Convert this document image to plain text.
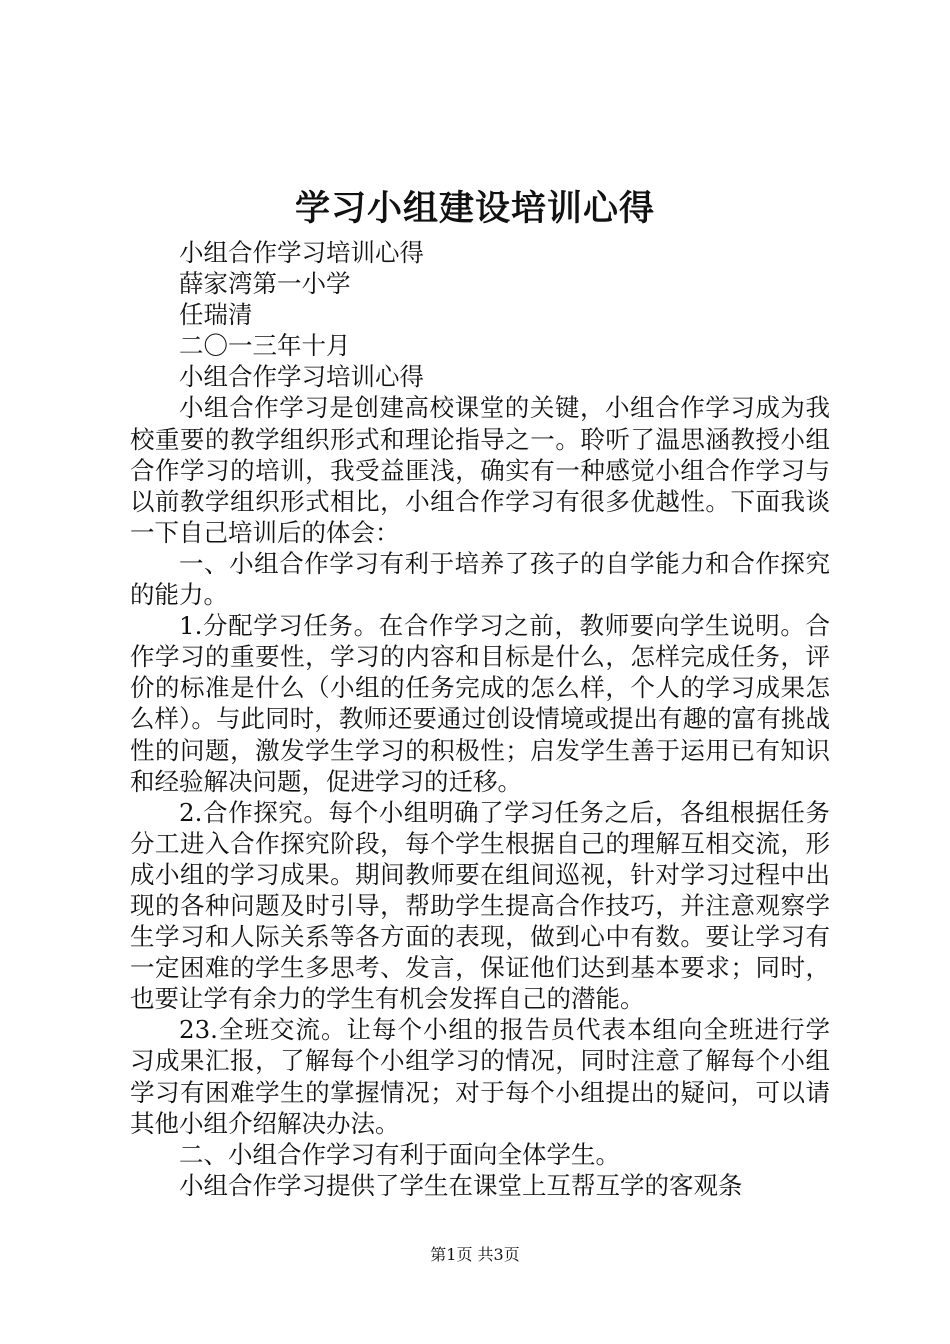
学习小组建设培训心得

小组合作学习培训心得

薛家湾第一小学

任瑞清

二〇一三年十月

小组合作学习培训心得

小组合作学习是创建高校课堂的关键，小组合作学习成为我校重要的教学组织形式和理论指导之一。聆听了温思涵教授小组合作学习的培训，我受益匪浅，确实有一种感觉小组合作学习与以前教学组织形式相比，小组合作学习有很多优越性。下面我谈一下自己培训后的体会：

一、小组合作学习有利于培养了孩子的自学能力和合作探究的能力。

1.分配学习任务。在合作学习之前，教师要向学生说明。合作学习的重要性，学习的内容和目标是什么，怎样完成任务，评价的标准是什么（小组的任务完成的怎么样，个人的学习成果怎么样）。与此同时，教师还要通过创设情境或提出有趣的富有挑战性的问题，激发学生学习的积极性；启发学生善于运用已有知识和经验解决问题，促进学习的迁移。

2.合作探究。每个小组明确了学习任务之后，各组根据任务分工进入合作探究阶段，每个学生根据自己的理解互相交流，形成小组的学习成果。期间教师要在组间巡视，针对学习过程中出现的各种问题及时引导，帮助学生提高合作技巧，并注意观察学生学习和人际关系等各方面的表现，做到心中有数。要让学习有一定困难的学生多思考、发言，保证他们达到基本要求；同时，也要让学有余力的学生有机会发挥自己的潜能。

23.全班交流。让每个小组的报告员代表本组向全班进行学习成果汇报，了解每个小组学习的情况，同时注意了解每个小组学习有困难学生的掌握情况；对于每个小组提出的疑问，可以请其他小组介绍解决办法。

二、小组合作学习有利于面向全体学生。

小组合作学习提供了学生在课堂上互帮互学的客观条

第1页 共3页
